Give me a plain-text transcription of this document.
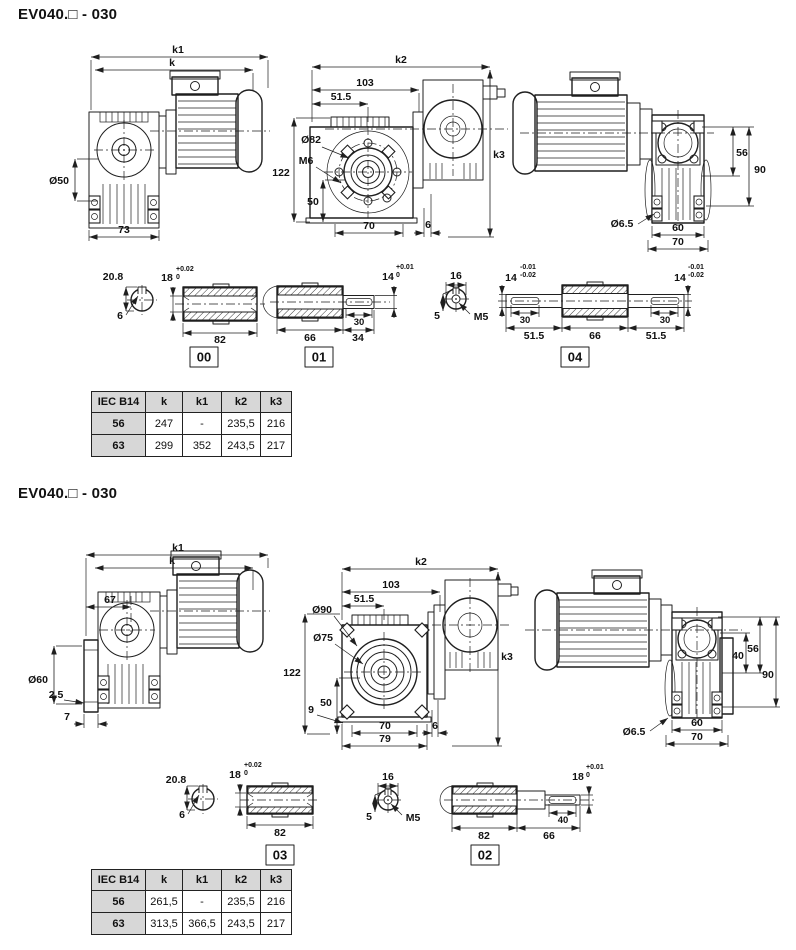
k1
k
Ø50
73
k2
103
51.5
Ø82
M6
122
50
70	6
k3	56
90
Ø6.5	60
70
20.8
6
18
+0.02
0
82
00
30
66	34
14
+0.01
0
01
16
5	M5
14
-0.01
-0.02	14
-0.01
-0.02
30
51.5	66	51.5
30
04
k1
k
67
Ø60
2.5
7
k2
103
51.5
Ø90
Ø75
122
50
9
70
79
6
k3	40
56
90
Ø6.5
60
70
20.8
6
18
+0.02
0
82
03
16
5	M5	40
82	66
18
+0.01
0
02
EV040.□ - 030
EV040.□ - 030
IEC B14	k	k1	k2	k3
56	247	-	235,5	216
63	299	352	243,5	217
IEC B14	k	k1	k2	k3
56	261,5	-	235,5	216
63	313,5	366,5	243,5	217
